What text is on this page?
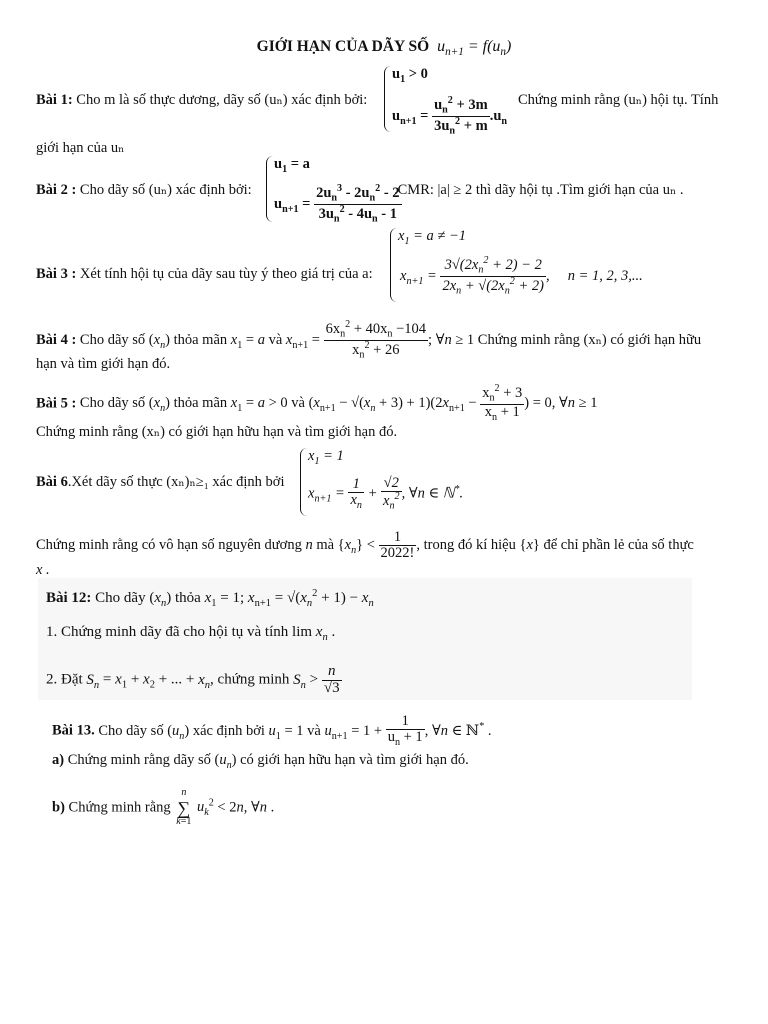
GIỚI HẠN CỦA DÃY SỐ  $u_{n+1} = f(u_n)$
Bài 1: Cho m là số thực dương, dãy số (uₙ) xác định bởi:
$u_1 > 0$
$u_{n+1} = \frac{u_n^2 + 3m}{3u_n^2 + m} .u_n$
Chứng minh rằng (uₙ) hội tụ. Tính
giới hạn của uₙ
Bài 2 : Cho dãy số (uₙ) xác định bởi:
$u_1 = a$
$u_{n+1} = \frac{2u_n^3 - 2u_n^2 - 2}{3u_n^2 - 4u_n - 1}$
.CMR: |a| ≥ 2 thì dãy hội tụ .Tìm giới hạn của uₙ .
Bài 3 : Xét tính hội tụ của dãy sau tùy ý theo giá trị của a:
$x_1 = a \ne -1$
$x_{n+1} = \frac{3√(2x_n^2 + 2) - 2}{2x_n + √(2x_n^2 + 2)}$ ,     n = 1, 2, 3,...
Bài 4 : Cho dãy số $(x_n)$ thỏa mãn $x_1 = a$ và $x_{n+1} = \frac{6x_n^2 + 40x_n -104}{x_n^2 + 26}$ ; ∀n ≥ 1 Chứng minh rằng (xₙ) có giới hạn hữu
hạn và tìm giới hạn đó.
Bài 5 : Cho dãy số $(x_n)$ thỏa mãn $x_1 = a > 0$ và $(x_{n+1} - √(x_n + 3) + 1)(2x_{n+1} - \frac{x_n^2 + 3}{x_n + 1}$ ) = 0, ∀n ≥ 1
Chứng minh rằng (xₙ) có giới hạn hữu hạn và tìm giới hạn đó.
Bài 6.Xét dãy số thực (xₙ)ₙ≥₁ xác định bởi
$x_1 = 1$
$x_{n+1} = \frac{1}{x_n} + \frac{√2}{x_n^2}$ , ∀n ∈ ℕ*.
Chứng minh rằng có vô hạn số nguyên dương n mà $\{x_n\} < \frac{1}{2022!}$ , trong đó kí hiệu {x} để chỉ phần lẻ của số thực
x .
Bài 12: Cho dãy $(x_n)$ thỏa $x_1 = 1$; $x_{n+1} = √(x_n^2 + 1) - x_n$
1. Chứng minh dãy đã cho hội tụ và tính $\lim x_n$ .
2. Đặt $S_n = x_1 + x_2$ + ... + $x_n$, chứng minh $S_n > \frac{n}{√3}$
Bài 13. Cho dãy số $(u_n)$ xác định bởi $u_1 = 1$ và $u_{n+1} = 1 + \frac{1}{u_n + 1}$ , ∀n ∈ ℕ* .
a) Chứng minh rằng dãy số $(u_n)$ có giới hạn hữu hạn và tìm giới hạn đó.
b) Chứng minh rằng
n
∑
k=1
$u_k^2 < 2n$, ∀n .
